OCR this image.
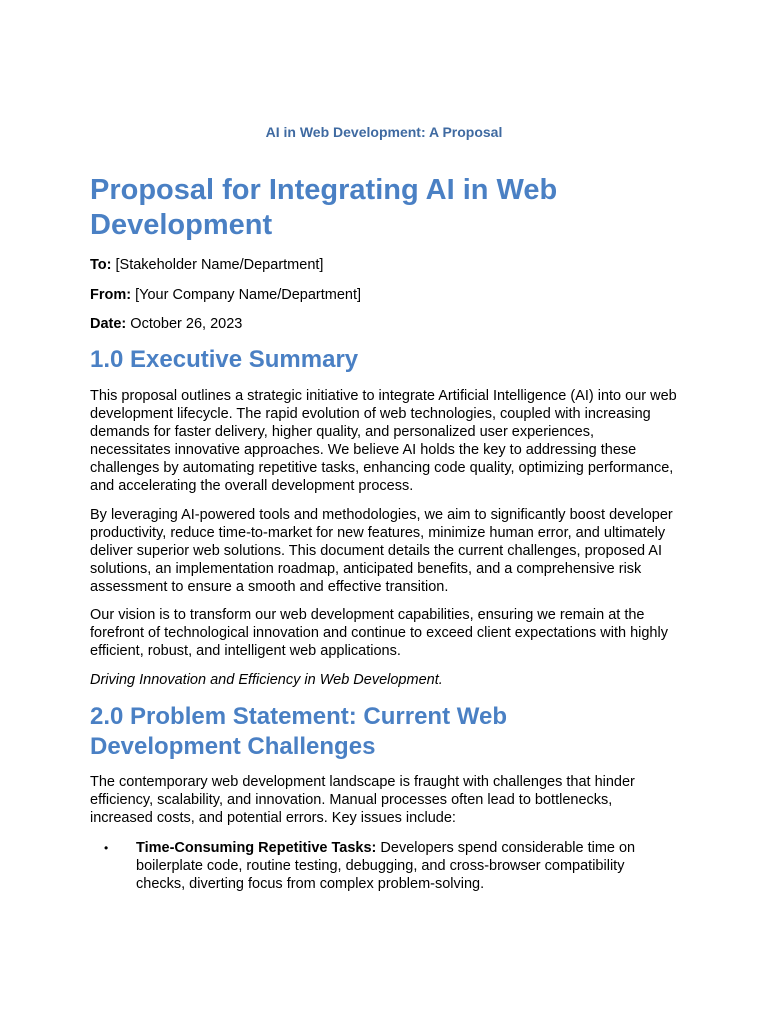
AI in Web Development: A Proposal
Proposal for Integrating AI in Web Development

To: [Stakeholder Name/Department]

From: [Your Company Name/Department]

Date: October 26, 2023

1.0 Executive Summary

This proposal outlines a strategic initiative to integrate Artificial Intelligence (AI) into our web development lifecycle. The rapid evolution of web technologies, coupled with increasing demands for faster delivery, higher quality, and personalized user experiences, necessitates innovative approaches. We believe AI holds the key to addressing these challenges by automating repetitive tasks, enhancing code quality, optimizing performance, and accelerating the overall development process.

By leveraging AI-powered tools and methodologies, we aim to significantly boost developer productivity, reduce time-to-market for new features, minimize human error, and ultimately deliver superior web solutions. This document details the current challenges, proposed AI solutions, an implementation roadmap, anticipated benefits, and a comprehensive risk assessment to ensure a smooth and effective transition.

Our vision is to transform our web development capabilities, ensuring we remain at the forefront of technological innovation and continue to exceed client expectations with highly efficient, robust, and intelligent web applications.

Driving Innovation and Efficiency in Web Development.

2.0 Problem Statement: Current Web Development Challenges

The contemporary web development landscape is fraught with challenges that hinder efficiency, scalability, and innovation. Manual processes often lead to bottlenecks, increased costs, and potential errors. Key issues include:

• Time-Consuming Repetitive Tasks: Developers spend considerable time on boilerplate code, routine testing, debugging, and cross-browser compatibility checks, diverting focus from complex problem-solving.
